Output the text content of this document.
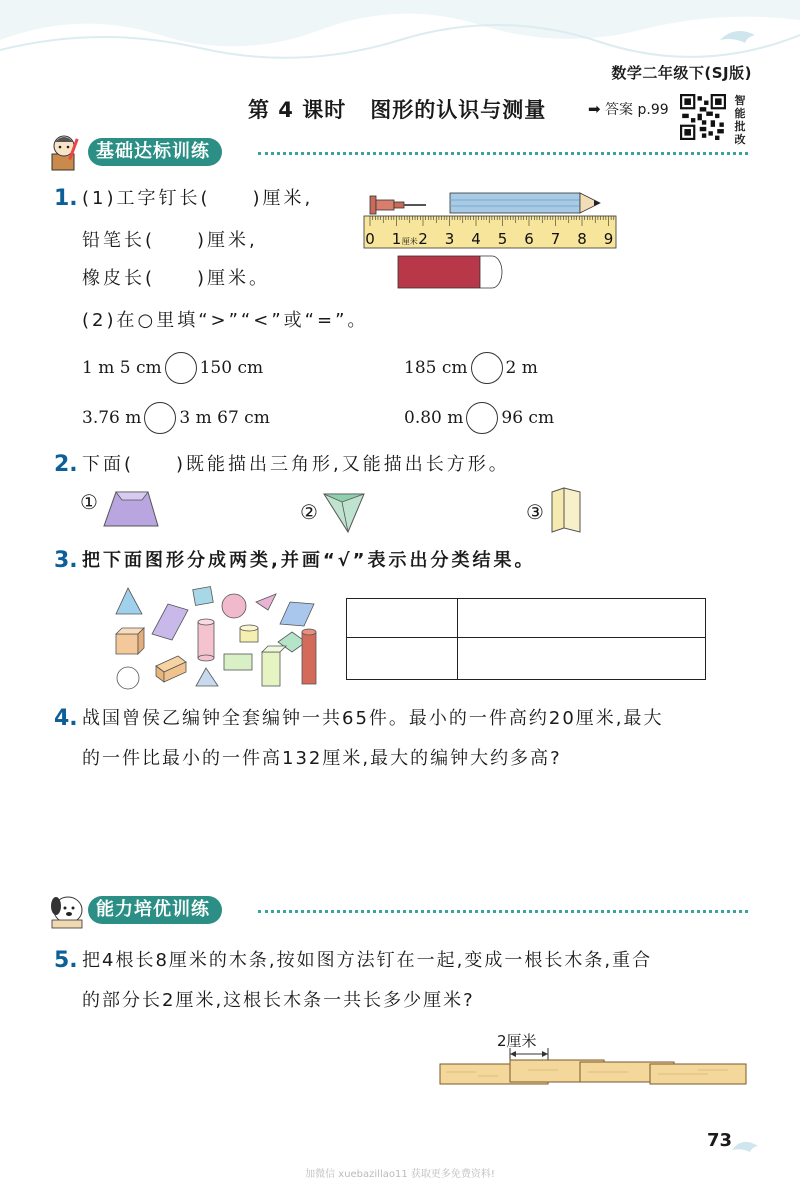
数学二年级下(SJ版)
第 4 课时 图形的认识与测量	➡ 答案 p.99
智
能
批
改
基础达标训练
1. (1)工字钉长(　　)厘米,
铅笔长(　　)厘米,
橡皮长(　　)厘米。
(2)在○里填“>”“<”或“=”。
0 1 2 3 4 5 6 7 8 9
厘米
1 m 5 cm 150 cm	185 cm 2 m
3.76 m 3 m 67 cm	0.80 m 96 cm
2. 下面(　　)既能描出三角形,又能描出长方形。
①	②	③
3. 把下面图形分成两类,并画“√”表示出分类结果。
4. 战国曾侯乙编钟全套编钟一共65件。最小的一件高约20厘米,最大
的一件比最小的一件高132厘米,最大的编钟大约多高?
能力培优训练
5. 把4根长8厘米的木条,按如图方法钉在一起,变成一根长木条,重合
的部分长2厘米,这根长木条一共长多少厘米?
2厘米
73
加微信 xuebazillao11 获取更多免费资料!
